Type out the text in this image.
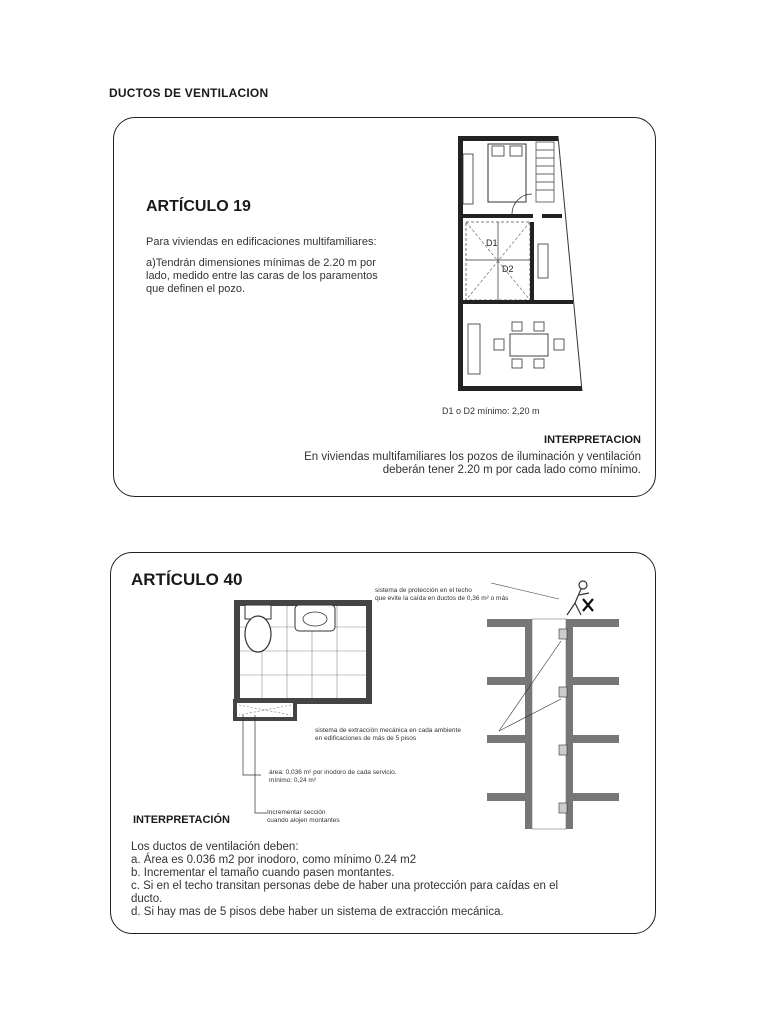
DUCTOS DE VENTILACION
ARTÍCULO 19
Para viviendas en edificaciones multifamiliares:
a)Tendrán dimensiones mínimas de 2.20 m por
lado, medido entre las caras de los paramentos
que definen el pozo.
D1
D2
D1 o D2 mínimo: 2,20 m
INTERPRETACION
En viviendas multifamiliares los pozos de iluminación y ventilación
deberán tener 2.20 m por cada lado como mínimo.
ARTÍCULO 40
área: 0,036 m² por inodoro de cada servicio.
mínimo: 0,24 m²
Incrementar sección
cuando alojen montantes
sistema de protección en el techo
que evite la caída en ductos de 0,36 m² o más
sistema de extracción mecánica en cada ambiente
en edificaciones de más de 5 pisos
INTERPRETACIÓN
Los ductos de ventilación deben:
a. Área es 0.036 m2 por inodoro, como mínimo 0.24 m2
b. Incrementar el tamaño cuando pasen montantes.
c. Si en el techo transitan personas debe de haber una protección para caídas en el
ducto.
d. Si hay mas de 5 pisos debe haber un sistema de extracción mecánica.
